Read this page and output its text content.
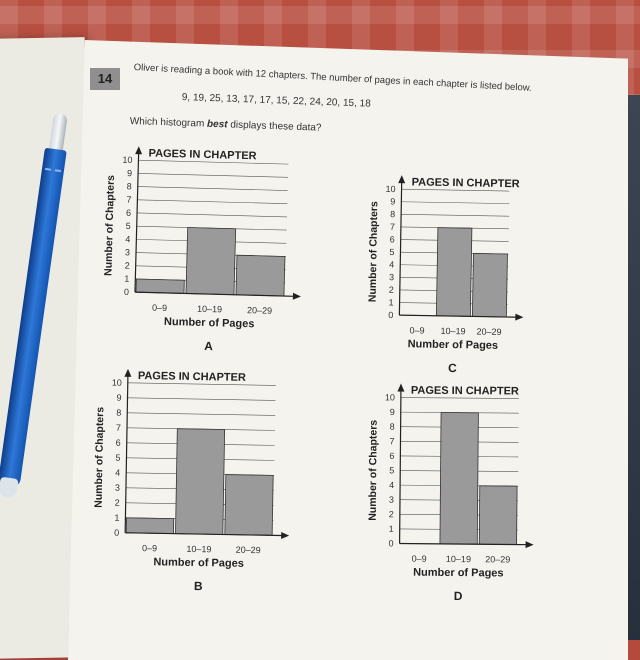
14	Oliver is reading a book with 12 chapters. The number of pages in each chapter is listed below.
9, 19, 25, 13, 17, 17, 15, 22, 24, 20, 15, 18
Which histogram best displays these data?
0
1
2
3
4
5
6
7
8
9
10
0–9	10–19	20–29
PAGES IN CHAPTER
Number of Pages
Number of Chapters
A
0
1
2
3
4
5
6
7
8
9
10
0–9 10–19 20–29
PAGES IN CHAPTER
Number of Pages
Number of Chapters
C
0
1
2
3
4
5
6
7
8
9
10
0–9	10–19	20–29
PAGES IN CHAPTER
Number of Pages
Number of Chapters
B
0
1
2
3
4
5
6
7
8
9
10
0–9 10–19 20–29
PAGES IN CHAPTER
Number of Pages
Number of Chapters
D
